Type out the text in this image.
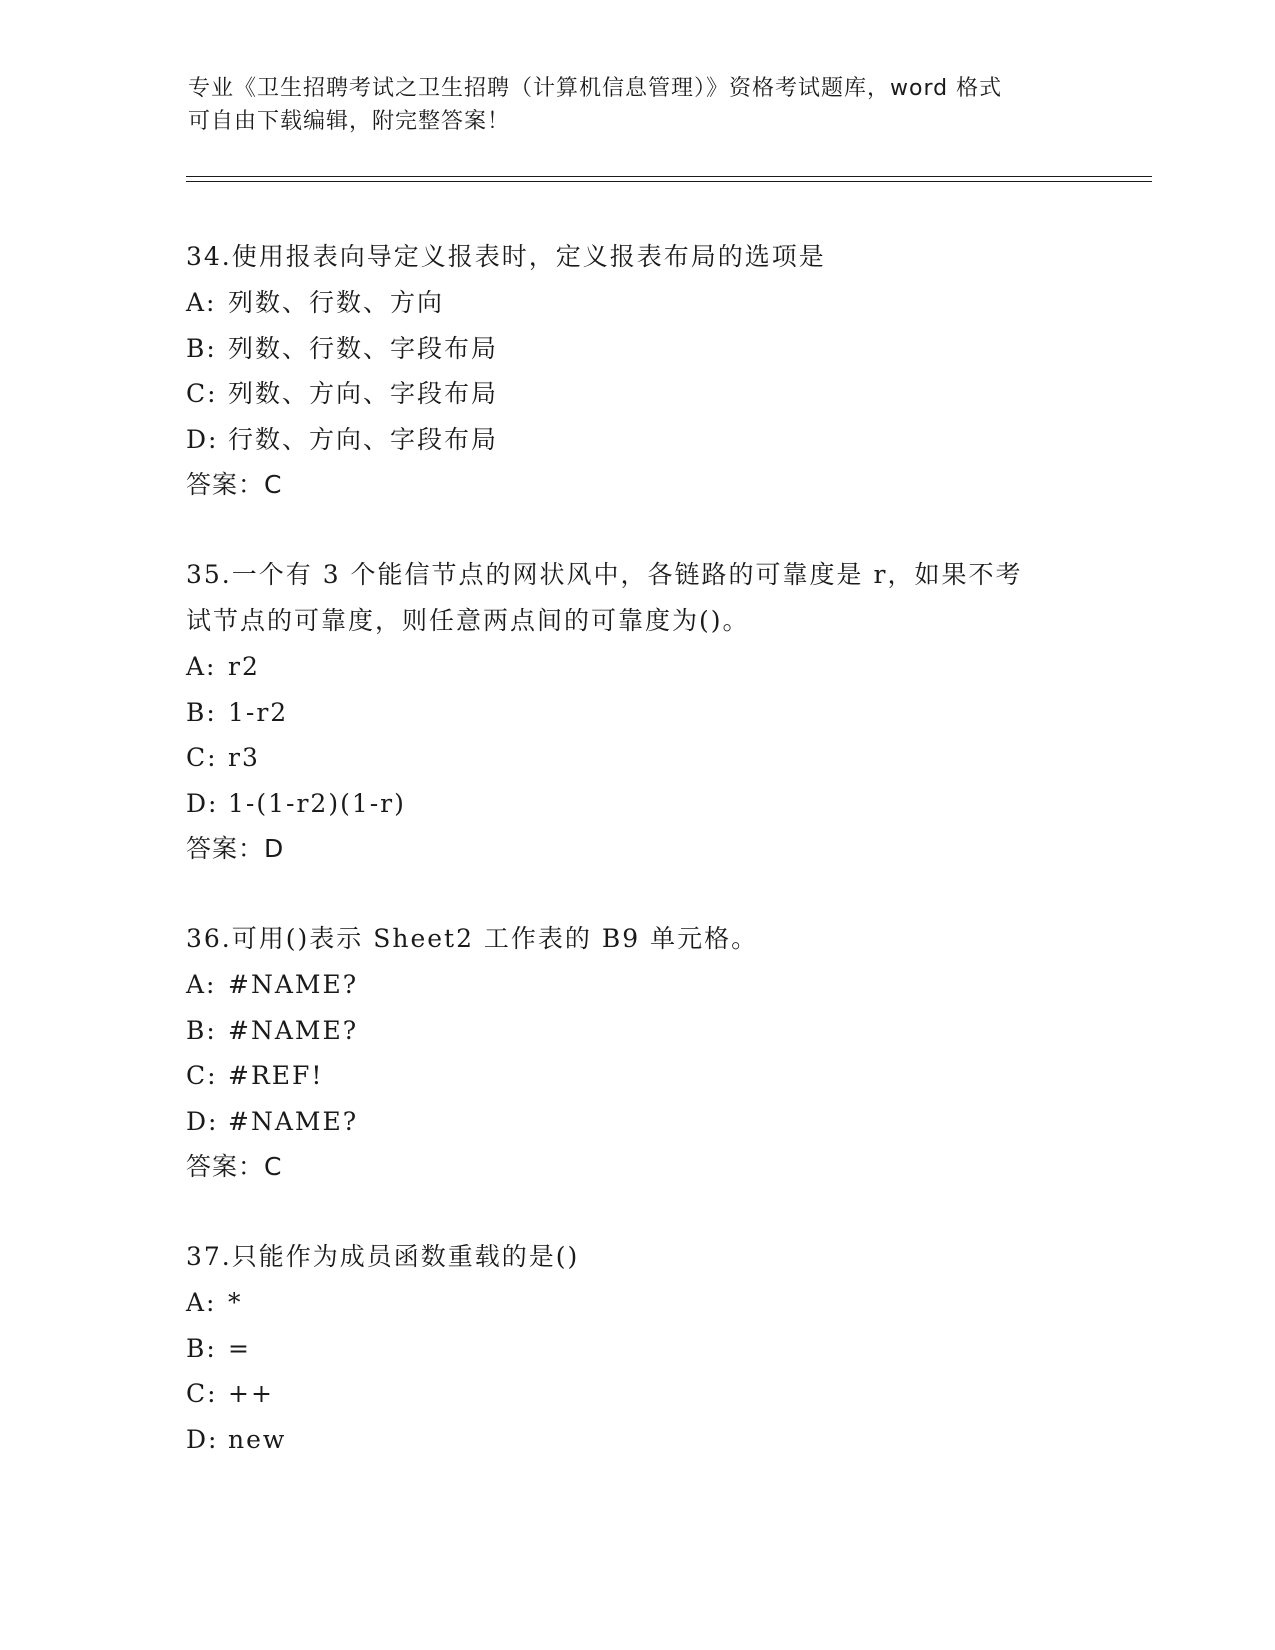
专业《卫生招聘考试之卫生招聘（计算机信息管理）》资格考试题库，word 格式
可自由下载编辑，附完整答案！
34.使用报表向导定义报表时，定义报表布局的选项是
A: 列数、行数、方向
B: 列数、行数、字段布局
C: 列数、方向、字段布局
D: 行数、方向、字段布局
答案：C
35.一个有 3 个能信节点的网状风中，各链路的可靠度是 r，如果不考
试节点的可靠度，则任意两点间的可靠度为()。
A: r2
B: 1-r2
C: r3
D: 1-(1-r2)(1-r)
答案：D
36.可用()表示 Sheet2 工作表的 B9 单元格。
A: #NAME?
B: #NAME?
C: #REF!
D: #NAME?
答案：C
37.只能作为成员函数重载的是()
A: *
B: =
C: ++
D: new
